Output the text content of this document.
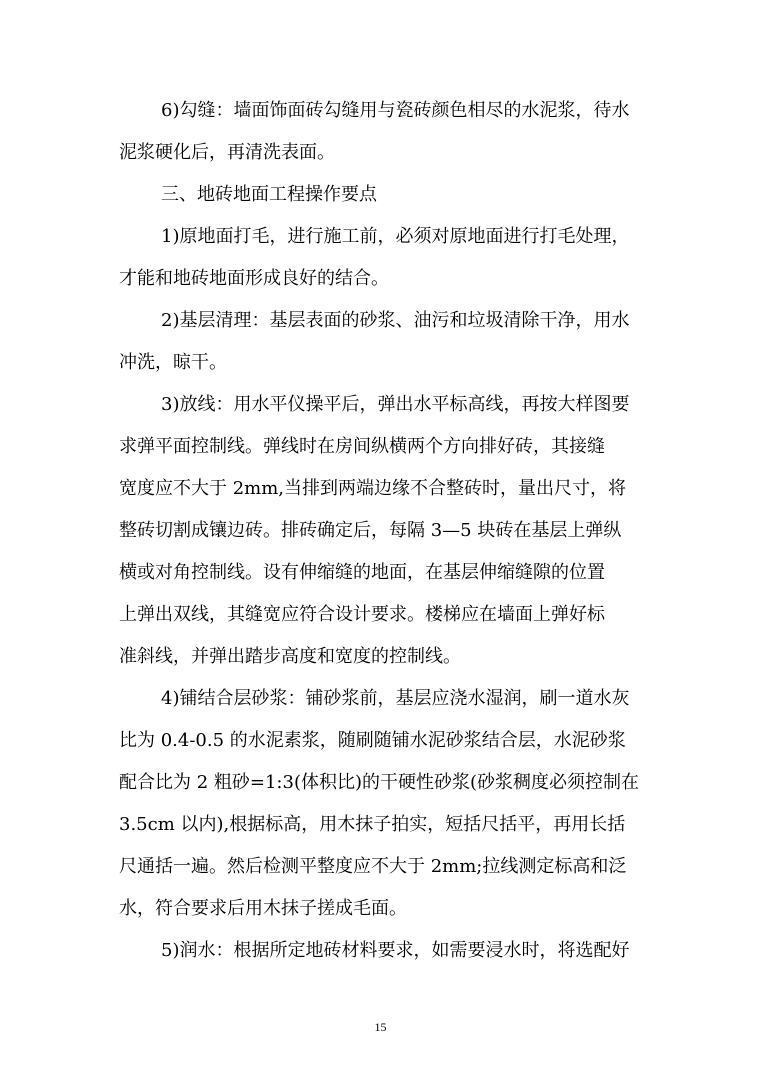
6)勾缝：墙面饰面砖勾缝用与瓷砖颜色相尽的水泥浆，待水
泥浆硬化后，再清洗表面。
三、地砖地面工程操作要点
1)原地面打毛，进行施工前，必须对原地面进行打毛处理，
才能和地砖地面形成良好的结合。
2)基层清理：基层表面的砂浆、油污和垃圾清除干净，用水
冲洗，晾干。
3)放线：用水平仪操平后，弹出水平标高线，再按大样图要
求弹平面控制线。弹线时在房间纵横两个方向排好砖，其接缝
宽度应不大于 2mm,当排到两端边缘不合整砖时，量出尺寸，将
整砖切割成镶边砖。排砖确定后，每隔 3—5 块砖在基层上弹纵
横或对角控制线。设有伸缩缝的地面，在基层伸缩缝隙的位置
上弹出双线，其缝宽应符合设计要求。楼梯应在墙面上弹好标
准斜线，并弹出踏步高度和宽度的控制线。
4)铺结合层砂浆：铺砂浆前，基层应浇水湿润，刷一道水灰
比为 0.4-0.5 的水泥素浆，随刷随铺水泥砂浆结合层，水泥砂浆
配合比为 2 粗砂=1:3(体积比)的干硬性砂浆(砂浆稠度必须控制在
3.5cm 以内),根据标高，用木抹子拍实，短括尺括平，再用长括
尺通括一遍。然后检测平整度应不大于 2mm;拉线测定标高和泛
水，符合要求后用木抹子搓成毛面。
5)润水：根据所定地砖材料要求，如需要浸水时，将选配好
15
